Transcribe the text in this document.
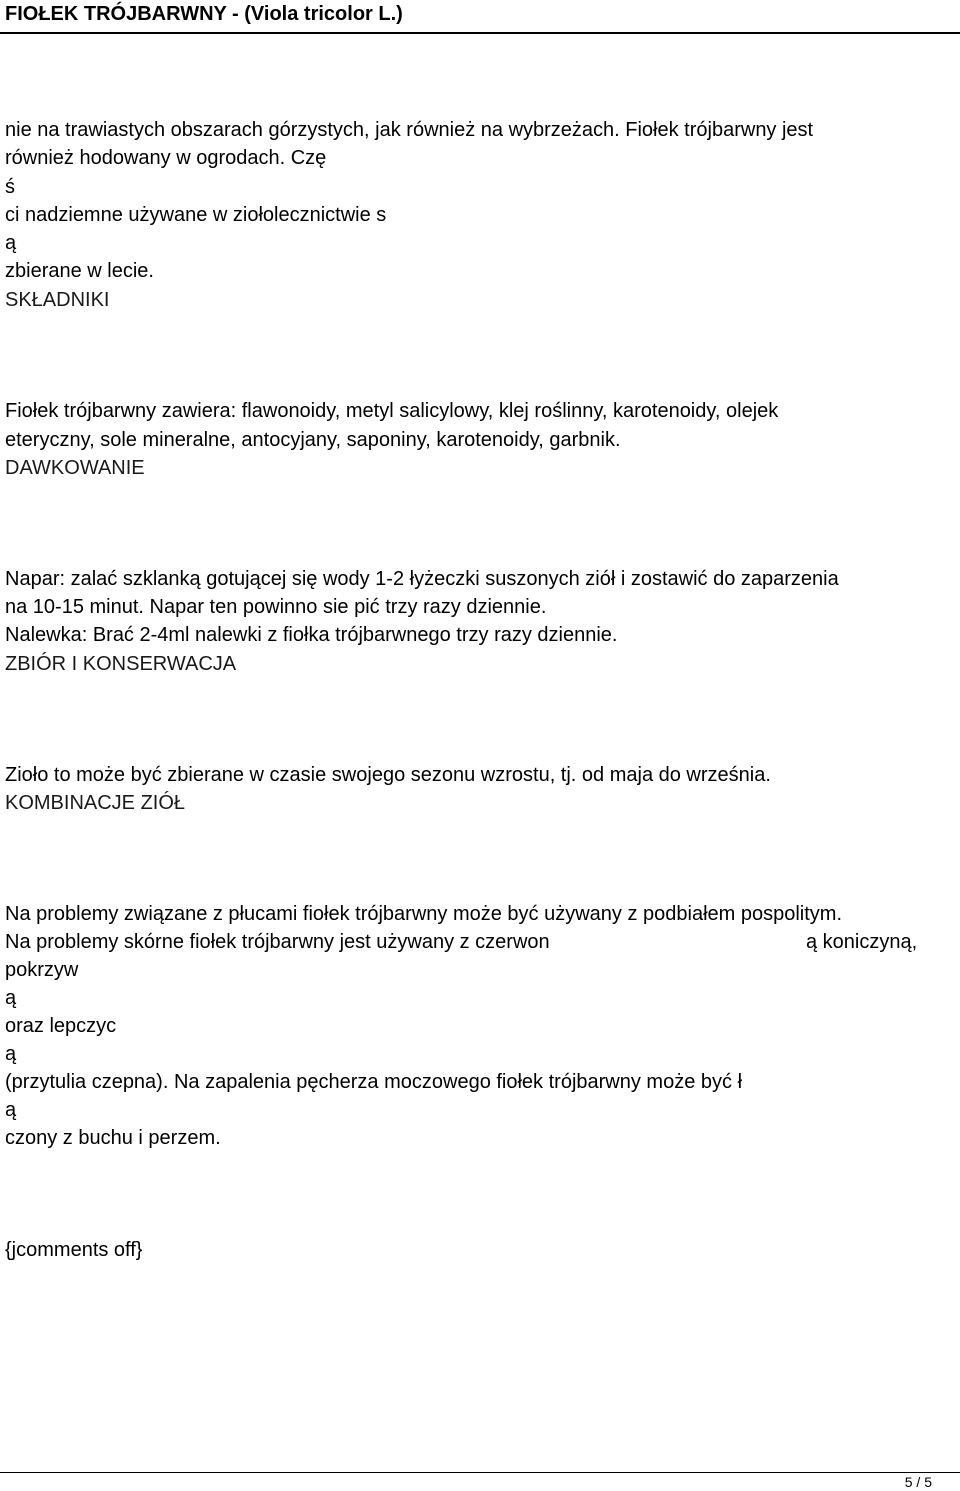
FIOŁEK TRÓJBARWNY - (Viola tricolor L.)
nie na trawiastych obszarach górzystych, jak również na wybrzeżach. Fiołek trójbarwny jest
również hodowany w ogrodach. Czę
ś
ci nadziemne używane w ziołolecznictwie s
ą
zbierane w lecie.
SKŁADNIKI
Fiołek trójbarwny zawiera: flawonoidy, metyl salicylowy, klej roślinny, karotenoidy, olejek
eteryczny, sole mineralne, antocyjany, saponiny, karotenoidy, garbnik.
DAWKOWANIE
Napar: zalać szklanką gotującej się wody 1-2 łyżeczki suszonych ziół i zostawić do zaparzenia
na 10-15 minut. Napar ten powinno sie pić trzy razy dziennie.
Nalewka: Brać 2-4ml nalewki z fiołka trójbarwnego trzy razy dziennie.
ZBIÓR I KONSERWACJA
Zioło to może być zbierane w czasie swojego sezonu wzrostu, tj. od maja do września.
KOMBINACJE ZIÓŁ
Na problemy związane z płucami fiołek trójbarwny może być używany z podbiałem pospolitym.
Na problemy skórne fiołek trójbarwny jest używany z czerwon	ą koniczyną,
pokrzyw
ą
oraz lepczyc
ą
(przytulia czepna). Na zapalenia pęcherza moczowego fiołek trójbarwny może być ł
ą
czony z buchu i perzem.
{jcomments off}
5 / 5
